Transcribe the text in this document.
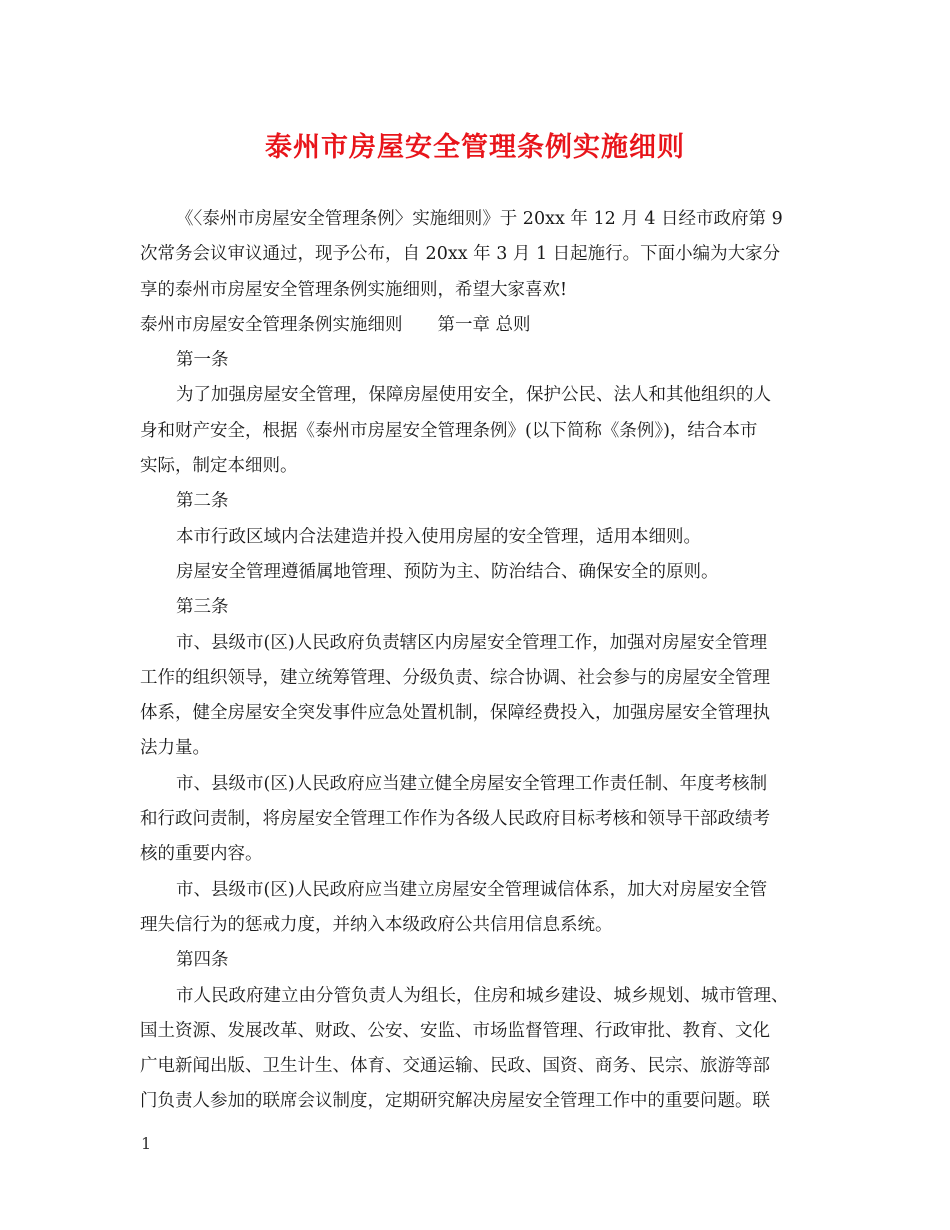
泰州市房屋安全管理条例实施细则

《〈泰州市房屋安全管理条例〉实施细则》于 20xx 年 12 月 4 日经市政府第 9

次常务会议审议通过，现予公布，自 20xx 年 3 月 1 日起施行。下面小编为大家分

享的泰州市房屋安全管理条例实施细则，希望大家喜欢!

泰州市房屋安全管理条例实施细则　　第一章 总则

第一条

为了加强房屋安全管理，保障房屋使用安全，保护公民、法人和其他组织的人

身和财产安全，根据《泰州市房屋安全管理条例》(以下简称《条例》)，结合本市

实际，制定本细则。

第二条

本市行政区域内合法建造并投入使用房屋的安全管理，适用本细则。

房屋安全管理遵循属地管理、预防为主、防治结合、确保安全的原则。

第三条

市、县级市(区)人民政府负责辖区内房屋安全管理工作，加强对房屋安全管理

工作的组织领导，建立统筹管理、分级负责、综合协调、社会参与的房屋安全管理

体系，健全房屋安全突发事件应急处置机制，保障经费投入，加强房屋安全管理执

法力量。

市、县级市(区)人民政府应当建立健全房屋安全管理工作责任制、年度考核制

和行政问责制，将房屋安全管理工作作为各级人民政府目标考核和领导干部政绩考

核的重要内容。

市、县级市(区)人民政府应当建立房屋安全管理诚信体系，加大对房屋安全管

理失信行为的惩戒力度，并纳入本级政府公共信用信息系统。

第四条

市人民政府建立由分管负责人为组长，住房和城乡建设、城乡规划、城市管理、

国土资源、发展改革、财政、公安、安监、市场监督管理、行政审批、教育、文化

广电新闻出版、卫生计生、体育、交通运输、民政、国资、商务、民宗、旅游等部

门负责人参加的联席会议制度，定期研究解决房屋安全管理工作中的重要问题。联

1
